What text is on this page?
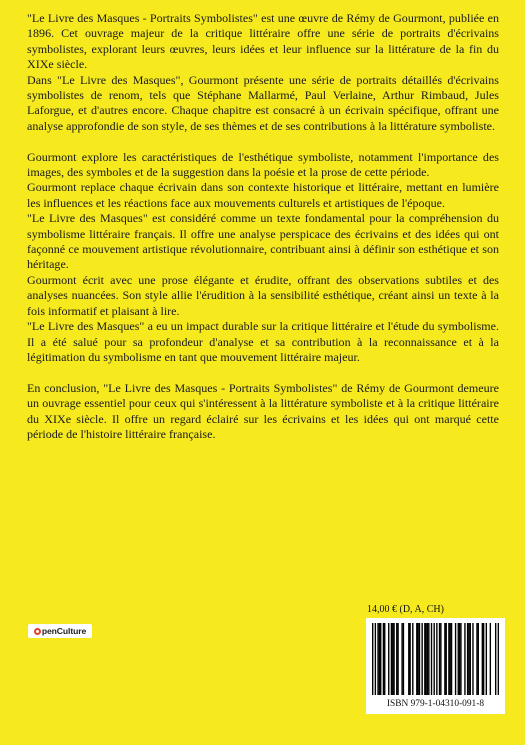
"Le Livre des Masques - Portraits Symbolistes" est une œuvre de Rémy de Gourmont, publiée en 1896. Cet ouvrage majeur de la critique littéraire offre une série de portraits d'écrivains symbolistes, explorant leurs œuvres, leurs idées et leur influence sur la littérature de la fin du XIXe siècle.

Dans "Le Livre des Masques", Gourmont présente une série de portraits détaillés d'écrivains symbolistes de renom, tels que Stéphane Mallarmé, Paul Verlaine, Arthur Rimbaud, Jules Laforgue, et d'autres encore. Chaque chapitre est consacré à un écrivain spécifique, offrant une analyse approfondie de son style, de ses thèmes et de ses contributions à la littérature symboliste.

Gourmont explore les caractéristiques de l'esthétique symboliste, notamment l'importance des images, des symboles et de la suggestion dans la poésie et la prose de cette période.

Gourmont replace chaque écrivain dans son contexte historique et littéraire, mettant en lumière les influences et les réactions face aux mouvements culturels et artistiques de l'époque.

"Le Livre des Masques" est considéré comme un texte fondamental pour la compréhension du symbolisme littéraire français. Il offre une analyse perspicace des écrivains et des idées qui ont façonné ce mouvement artistique révolutionnaire, contribuant ainsi à définir son esthétique et son héritage.

Gourmont écrit avec une prose élégante et érudite, offrant des observations subtiles et des analyses nuancées. Son style allie l'érudition à la sensibilité esthétique, créant ainsi un texte à la fois informatif et plaisant à lire.

"Le Livre des Masques" a eu un impact durable sur la critique littéraire et l'étude du symbolisme. Il a été salué pour sa profondeur d'analyse et sa contribution à la reconnaissance et à la légitimation du symbolisme en tant que mouvement littéraire majeur.

En conclusion, "Le Livre des Masques - Portraits Symbolistes" de Rémy de Gourmont demeure un ouvrage essentiel pour ceux qui s'intéressent à la littérature symboliste et à la critique littéraire du XIXe siècle. Il offre un regard éclairé sur les écrivains et les idées qui ont marqué cette période de l'histoire littéraire française.

pen Culture
14,00 € (D, A, CH)
ISBN 979-1-04310-091-8
